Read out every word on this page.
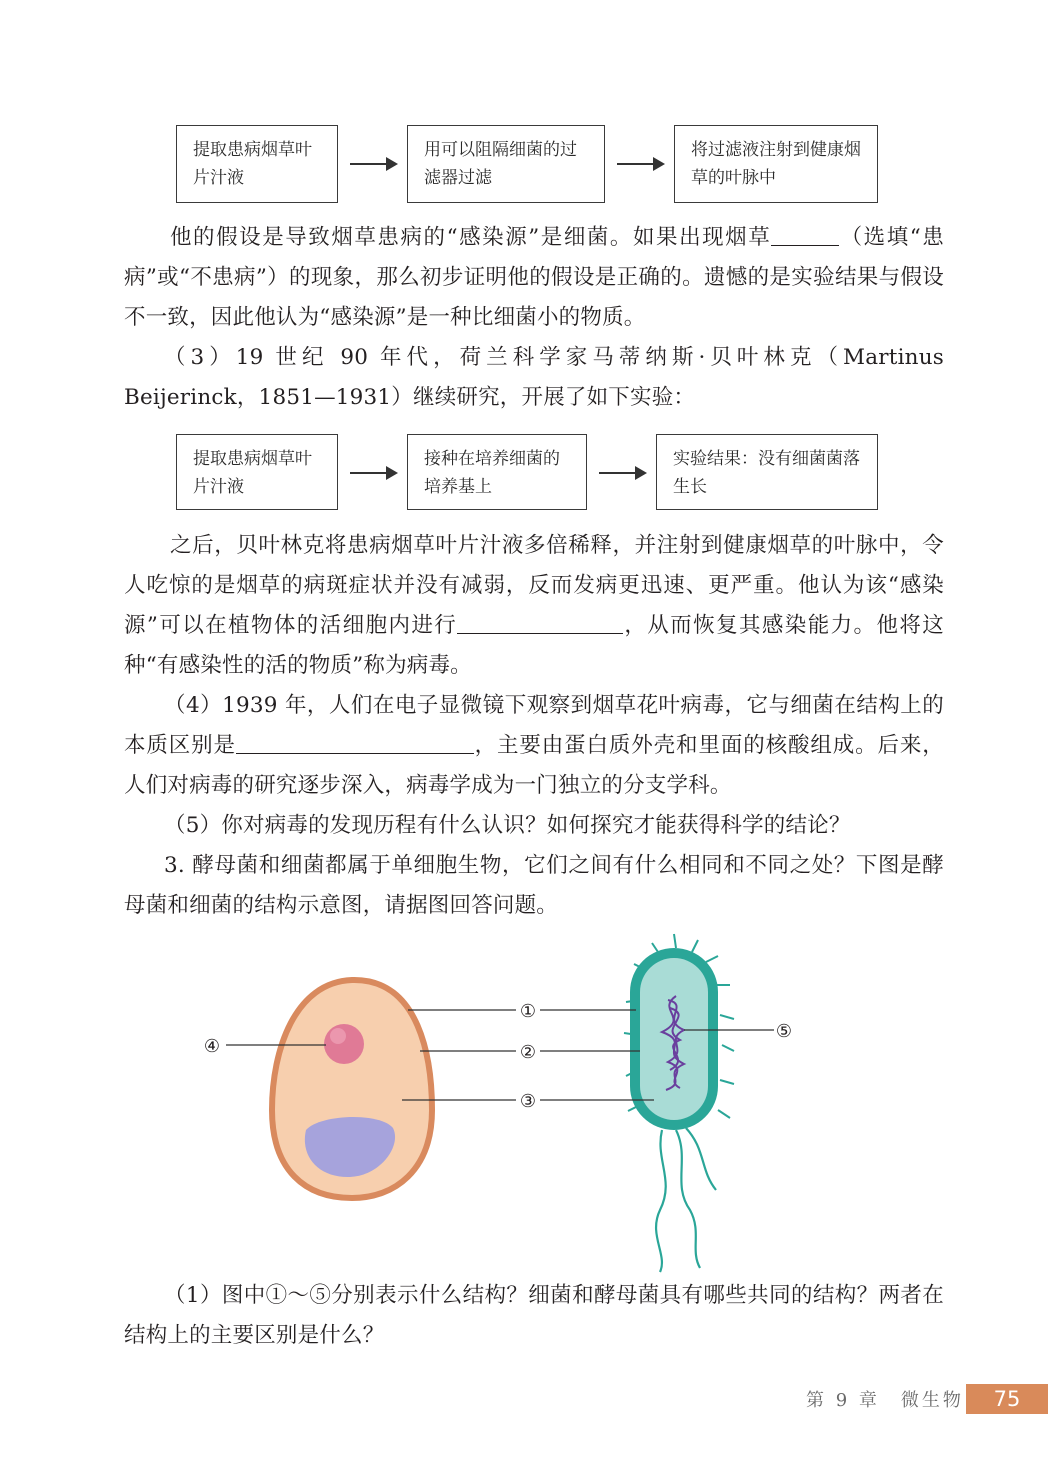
提取患病烟草叶片汁液
用可以阻隔细菌的过滤器过滤
将过滤液注射到健康烟草的叶脉中

他的假设是导致烟草患病的“感染源”是细菌。如果出现烟草	（选填“患病”或“不患病”）的现象，那么初步证明他的假设是正确的。遗憾的是实验结果与假设不一致，因此他认为“感染源”是一种比细菌小的物质。

（3）19 世纪 90 年代，荷兰科学家马蒂纳斯·贝叶林克（Martinus Beijerinck，1851—1931）继续研究，开展了如下实验：

提取患病烟草叶片汁液
接种在培养细菌的培养基上
实验结果：没有细菌菌落生长

之后，贝叶林克将患病烟草叶片汁液多倍稀释，并注射到健康烟草的叶脉中，令人吃惊的是烟草的病斑症状并没有减弱，反而发病更迅速、更严重。他认为该“感染源”可以在植物体的活细胞内进行	，从而恢复其感染能力。他将这种“有感染性的活的物质”称为病毒。

（4）1939 年，人们在电子显微镜下观察到烟草花叶病毒，它与细菌在结构上的本质区别是	，主要由蛋白质外壳和里面的核酸组成。后来，人们对病毒的研究逐步深入，病毒学成为一门独立的分支学科。

（5）你对病毒的发现历程有什么认识？如何探究才能获得科学的结论？

3. 酵母菌和细菌都属于单细胞生物，它们之间有什么相同和不同之处？下图是酵母菌和细菌的结构示意图，请据图回答问题。

①
②
③
④
⑤

（1）图中①～⑤分别表示什么结构？细菌和酵母菌具有哪些共同的结构？两者在结构上的主要区别是什么？

第 9 章　微生物	75
